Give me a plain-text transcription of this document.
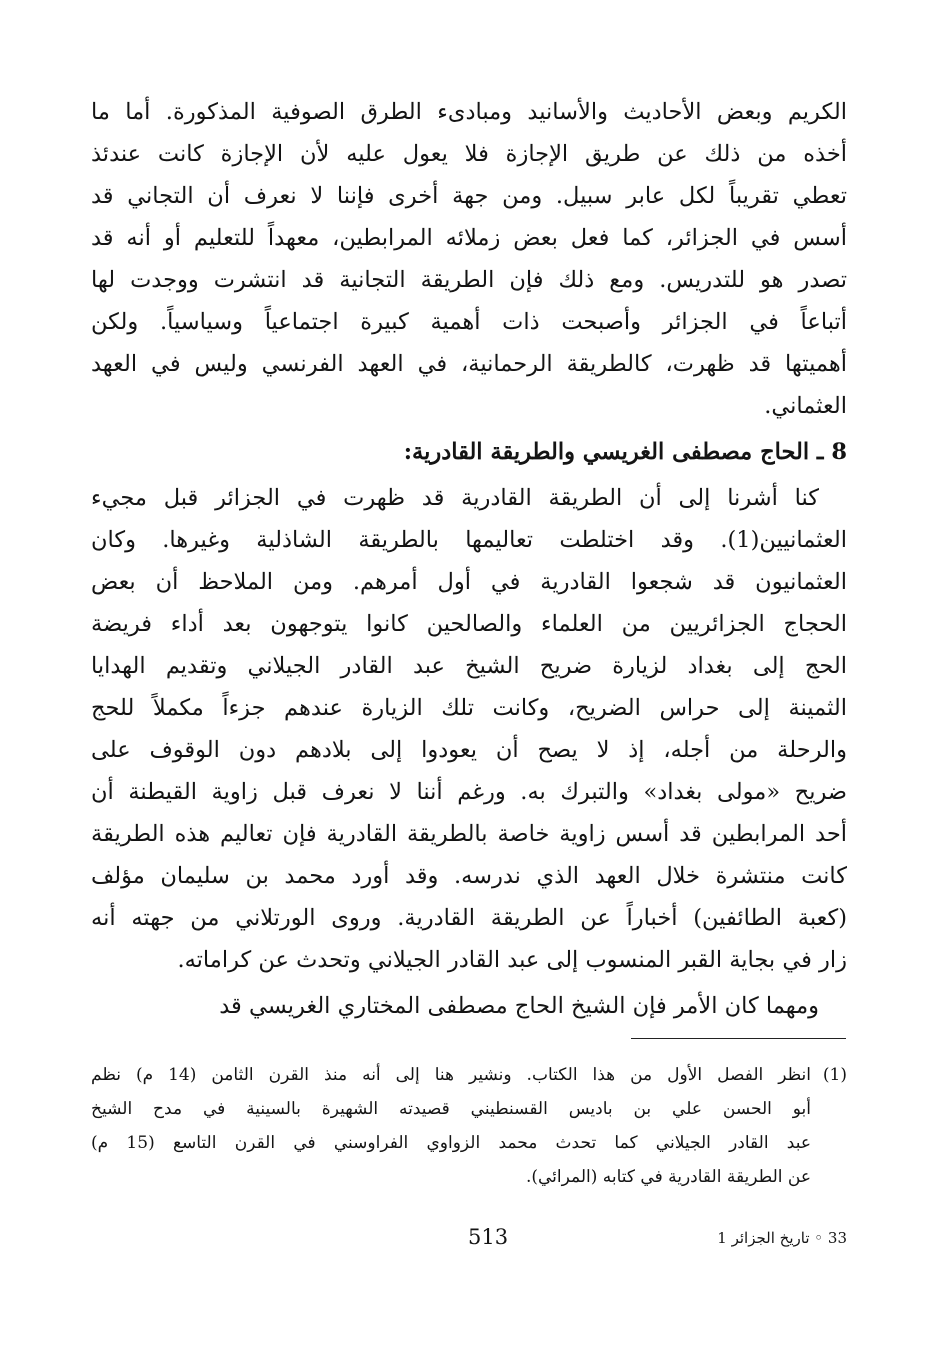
الكريم وبعض الأحاديث والأسانيد ومبادىء الطرق الصوفية المذكورة. أما ما
أخذه من ذلك عن طريق الإجازة فلا يعول عليه لأن الإجازة كانت عندئذ
تعطي تقريباً لكل عابر سبيل. ومن جهة أخرى فإننا لا نعرف أن التجاني قد
أسس في الجزائر، كما فعل بعض زملائه المرابطين، معهداً للتعليم أو أنه قد
تصدر هو للتدريس. ومع ذلك فإن الطريقة التجانية قد انتشرت ووجدت لها
أتباعاً في الجزائر وأصبحت ذات أهمية كبيرة اجتماعياً وسياسياً. ولكن
أهميتها قد ظهرت، كالطريقة الرحمانية، في العهد الفرنسي وليس في العهد
العثماني.
8 ـ الحاج مصطفى الغريسي والطريقة القادرية:
كنا أشرنا إلى أن الطريقة القادرية قد ظهرت في الجزائر قبل مجيء
العثمانيين(1). وقد اختلطت تعاليمها بالطريقة الشاذلية وغيرها. وكان
العثمانيون قد شجعوا القادرية في أول أمرهم. ومن الملاحظ أن بعض
الحجاج الجزائريين من العلماء والصالحين كانوا يتوجهون بعد أداء فريضة
الحج إلى بغداد لزيارة ضريح الشيخ عبد القادر الجيلاني وتقديم الهدايا
الثمينة إلى حراس الضريح، وكانت تلك الزيارة عندهم جزءاً مكملاً للحج
والرحلة من أجله، إذ لا يصح أن يعودوا إلى بلادهم دون الوقوف على
ضريح «مولى بغداد» والتبرك به. ورغم أننا لا نعرف قبل زاوية القيطنة أن
أحد المرابطين قد أسس زاوية خاصة بالطريقة القادرية فإن تعاليم هذه الطريقة
كانت منتشرة خلال العهد الذي ندرسه. وقد أورد محمد بن سليمان مؤلف
(كعبة الطائفين) أخباراً عن الطريقة القادرية. وروى الورتلاني من جهته أنه
زار في بجاية القبر المنسوب إلى عبد القادر الجيلاني وتحدث عن كراماته.
ومهما كان الأمر فإن الشيخ الحاج مصطفى المختاري الغريسي قد
(1)
انظر الفصل الأول من هذا الكتاب. ونشير هنا إلى أنه منذ القرن الثامن (14 م) نظم
أبو الحسن علي بن باديس القسنطيني قصيدته الشهيرة بالسينية في مدح الشيخ
عبد القادر الجيلاني كما تحدث محمد الزواوي الفراوسني في القرن التاسع (15 م)
عن الطريقة القادرية في كتابه (المرائي).
513	33 ◦ تاريخ الجزائر 1
